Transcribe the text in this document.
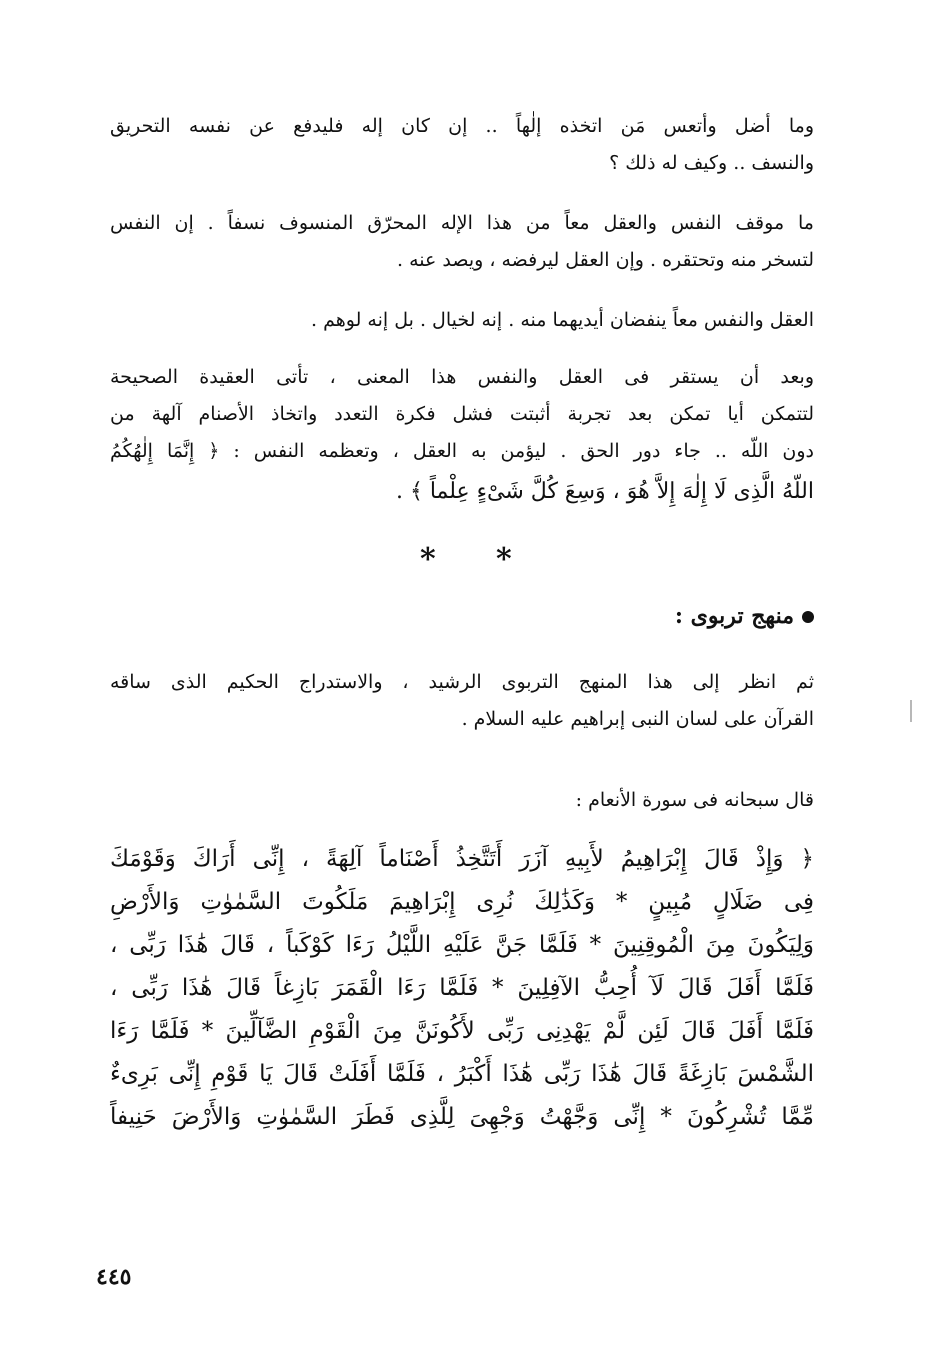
وما أضل وأتعس مَن اتخذه إلٰهاً .. إن كان إله فليدفع عن نفسه التحريق
والنسف .. وكيف له ذلك ؟

ما موقف النفس والعقل معاً من هذا الإله المحرّق المنسوف نسفاً . إن النفس
لتسخر منه وتحتقره . وإن العقل ليرفضه ، ويصد عنه .

العقل والنفس معاً ينفضان أيديهما منه . إنه لخيال . بل إنه لوهم .

وبعد أن يستقر فى العقل والنفس هذا المعنى ، تأتى العقيدة الصحيحة
لتتمكن أيا تمكن بعد تجربة أثبتت فشل فكرة التعدد واتخاذ الأصنام آلهة من
دون اللّه .. جاء دور الحق . ليؤمن به العقل ، وتعظمه النفس : ﴿ إِنَّمَا إِلٰهُكُمُ
اللّهُ الَّذِى لَا إِلٰهَ إِلاَّ هُوَ ، وَسِعَ كُلَّ شَىْءٍ عِلْماً ﴾ .

منهج تربوى :

ثم انظر إلى هذا المنهج التربوى الرشيد ، والاستدراج الحكيم الذى ساقه
القرآن على لسان النبى إبراهيم عليه السلام .

قال سبحانه فى سورة الأنعام :

﴿ وَإِذْ قَالَ إِبْرَاهِيمُ لأَبِيهِ آزَرَ أَتَتَّخِذُ أَصْنَاماً آلِهَةً ، إِنِّى أَرَاكَ وَقَوْمَكَ
فِى ضَلَالٍ مُبِينٍ * وَكَذَٰلِكَ نُرِى إِبْرَاهِيمَ مَلَكُوتَ السَّمٰوٰتِ وَالأَرْضِ
وَلِيَكُونَ مِنَ الْمُوقِنِينَ * فَلَمَّا جَنَّ عَلَيْهِ اللَّيْلُ رَءَا كَوْكَباً ، قَالَ هَٰذَا رَبِّى ،
فَلَمَّا أَفَلَ قَالَ لَآ أُحِبُّ الآفِلِينَ * فَلَمَّا رَءَا الْقَمَرَ بَازِغاً قَالَ هَٰذَا رَبِّى ،
فَلَمَّا أَفَلَ قَالَ لَئِن لَّمْ يَهْدِنِى رَبِّى لأَكُونَنَّ مِنَ الْقَوْمِ الضَّآلِّينَ * فَلَمَّا رَءَا
الشَّمْسَ بَازِغَةً قَالَ هَٰذَا رَبِّى هَٰذَا أَكْبَرُ ، فَلَمَّا أَفَلَتْ قَالَ يَا قَوْمِ إِنِّى بَرِىءٌ
مِّمَّا تُشْرِكُونَ * إِنِّى وَجَّهْتُ وَجْهِىَ لِلَّذِى فَطَرَ السَّمٰوٰتِ وَالأَرْضَ حَنِيفاً
* *
٤٤٥
